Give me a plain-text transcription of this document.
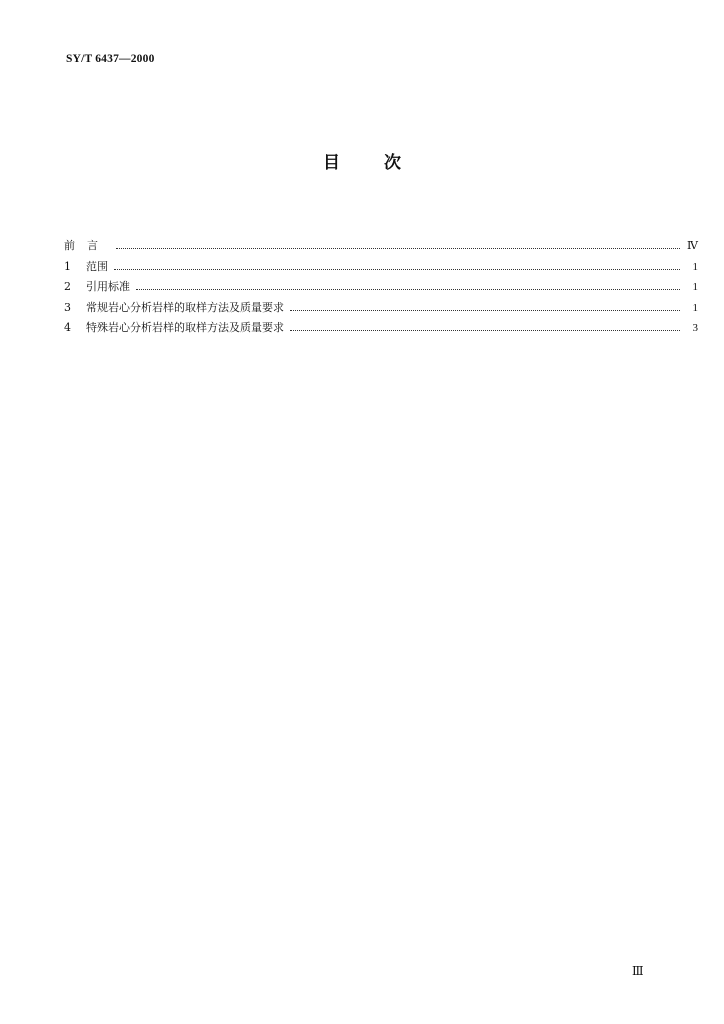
SY/T 6437—2000
目	次
前言	Ⅳ
1	范围	1
2	引用标准	1
3	常规岩心分析岩样的取样方法及质量要求	1
4	特殊岩心分析岩样的取样方法及质量要求	3
Ⅲ
